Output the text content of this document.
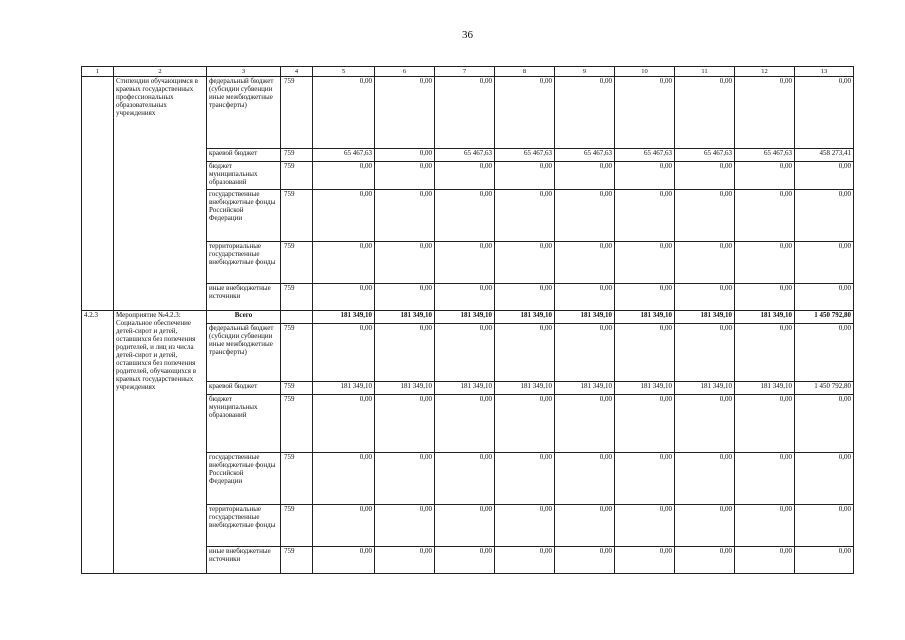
36
1	2	3	4	5	6	7	8	9	10	11	12	13
	Стипендии обучающимся в краевых государственных профессиональных образовательных учреждениях	федеральный бюджет (субсидии субвенции иные межбюджетные трансферты)	759	0,00	0,00	0,00	0,00	0,00	0,00	0,00	0,00	0,00
		краевой бюджет	759	65 467,63	0,00	65 467,63	65 467,63	65 467,63	65 467,63	65 467,63	65 467,63	458 273,41
		бюджет муниципальных образований	759	0,00	0,00	0,00	0,00	0,00	0,00	0,00	0,00	0,00
		государственные внебюджетные фонды Российской Федерации	759	0,00	0,00	0,00	0,00	0,00	0,00	0,00	0,00	0,00
		территориальные государственные внебюджетные фонды	759	0,00	0,00	0,00	0,00	0,00	0,00	0,00	0,00	0,00
		иные внебюджетные источники	759	0,00	0,00	0,00	0,00	0,00	0,00	0,00	0,00	0,00
4.2.3	Мероприятие №4.2.3: Социальное обеспечение детей-сирот и детей, оставшихся без попечения родителей, и лиц из числа детей-сирот и детей, оставшихся без попечения родителей, обучающихся в краевых государственных учреждениях	Всего		181 349,10	181 349,10	181 349,10	181 349,10	181 349,10	181 349,10	181 349,10	181 349,10	1 450 792,80
		федеральный бюджет (субсидии субвенции иные межбюджетные трансферты)	759	0,00	0,00	0,00	0,00	0,00	0,00	0,00	0,00	0,00
		краевой бюджет	759	181 349,10	181 349,10	181 349,10	181 349,10	181 349,10	181 349,10	181 349,10	181 349,10	1 450 792,80
		бюджет муниципальных образований	759	0,00	0,00	0,00	0,00	0,00	0,00	0,00	0,00	0,00
		государственные внебюджетные фонды Российской Федерации	759	0,00	0,00	0,00	0,00	0,00	0,00	0,00	0,00	0,00
		территориальные государственные внебюджетные фонды	759	0,00	0,00	0,00	0,00	0,00	0,00	0,00	0,00	0,00
		иные внебюджетные источники	759	0,00	0,00	0,00	0,00	0,00	0,00	0,00	0,00	0,00
